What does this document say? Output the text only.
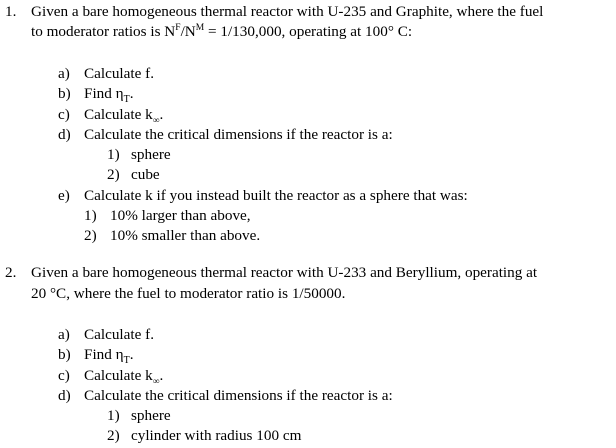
1. Given a bare homogeneous thermal reactor with U-235 and Graphite, where the fuel
to moderator ratios is $N^F/N^M = 1/130,000$, operating at 100° C:
a) Calculate f.
b) Find $\eta_T$.
c) Calculate $k_\infty$.
d) Calculate the critical dimensions if the reactor is a:
1) sphere
2) cube
e) Calculate k if you instead built the reactor as a sphere that was:
1) 10% larger than above,
2) 10% smaller than above.
2. Given a bare homogeneous thermal reactor with U-233 and Beryllium, operating at
20 °C, where the fuel to moderator ratio is 1/50000.
a) Calculate f.
b) Find $\eta_T$.
c) Calculate $k_\infty$.
d) Calculate the critical dimensions if the reactor is a:
1) sphere
2) cylinder with radius 100 cm
